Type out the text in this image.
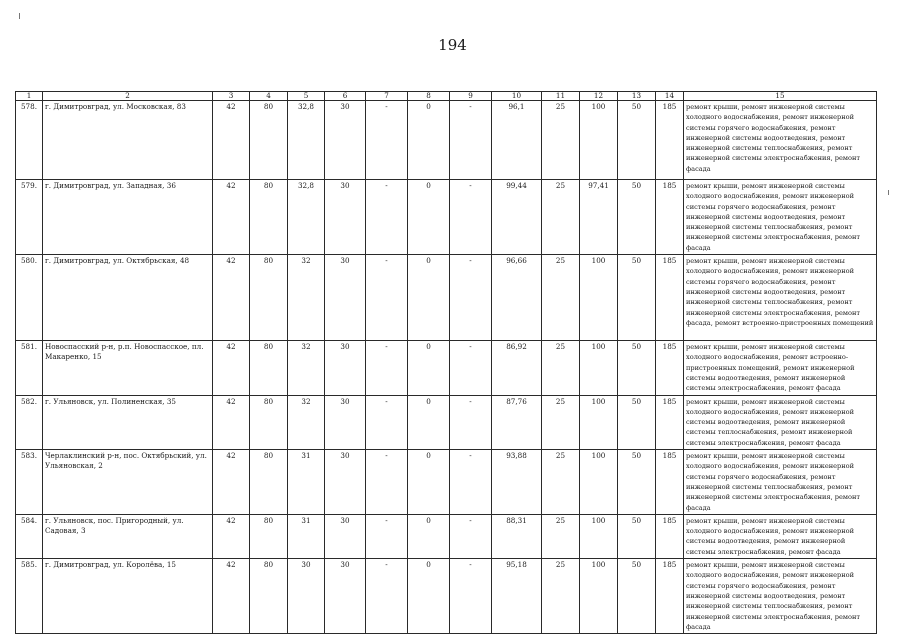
194
1	2	3	4	5	6	7	8	9	10	11	12	13	14	15
578.	г. Димитровград, ул. Московская, 83	42	80	32,8	30	-	0	-	96,1	25	100	50	185	ремонт крыши, ремонт инженерной системы холодного водоснабжения, ремонт инженерной системы горячего водоснабжения, ремонт инженерной системы водоотведения, ремонт инженерной системы теплоснабжения, ремонт инженерной системы электроснабжения, ремонт фасада
579.	г. Димитровград, ул. Западная, 36	42	80	32,8	30	-	0	-	99,44	25	97,41	50	185	ремонт крыши, ремонт инженерной системы холодного водоснабжения, ремонт инженерной системы горячего водоснабжения, ремонт инженерной системы водоотведения, ремонт инженерной системы теплоснабжения, ремонт инженерной системы электроснабжения, ремонт фасада
580.	г. Димитровград, ул. Октябрьская, 48	42	80	32	30	-	0	-	96,66	25	100	50	185	ремонт крыши, ремонт инженерной системы холодного водоснабжения, ремонт инженерной системы горячего водоснабжения, ремонт инженерной системы водоотведения, ремонт инженерной системы теплоснабжения, ремонт инженерной системы электроснабжения, ремонт фасада, ремонт встроенно-пристроенных помещений
581.	Новоспасский р-н, р.п. Новоспасское, пл. Макаренко, 15	42	80	32	30	-	0	-	86,92	25	100	50	185	ремонт крыши, ремонт инженерной системы холодного водоснабжения, ремонт встроенно-пристроенных помещений, ремонт инженерной системы водоотведения, ремонт инженерной системы электроснабжения, ремонт фасада
582.	г. Ульяновск, ул. Полиненская, 35	42	80	32	30	-	0	-	87,76	25	100	50	185	ремонт крыши, ремонт инженерной системы холодного водоснабжения, ремонт инженерной системы водоотведения, ремонт инженерной системы теплоснабжения, ремонт инженерной системы электроснабжения, ремонт фасада
583.	Черлаклинский р-н, пос. Октябрьский, ул. Ульяновская, 2	42	80	31	30	-	0	-	93,88	25	100	50	185	ремонт крыши, ремонт инженерной системы холодного водоснабжения, ремонт инженерной системы горячего водоснабжения, ремонт инженерной системы теплоснабжения, ремонт инженерной системы электроснабжения, ремонт фасада
584.	г. Ульяновск, пос. Пригородный, ул. Садовая, 3	42	80	31	30	-	0	-	88,31	25	100	50	185	ремонт крыши, ремонт инженерной системы холодного водоснабжения, ремонт инженерной системы водоотведения, ремонт инженерной системы электроснабжения, ремонт фасада
585.	г. Димитровград, ул. Королёва, 15	42	80	30	30	-	0	-	95,18	25	100	50	185	ремонт крыши, ремонт инженерной системы холодного водоснабжения, ремонт инженерной системы горячего водоснабжения, ремонт инженерной системы водоотведения, ремонт инженерной системы теплоснабжения, ремонт инженерной системы электроснабжения, ремонт фасада
